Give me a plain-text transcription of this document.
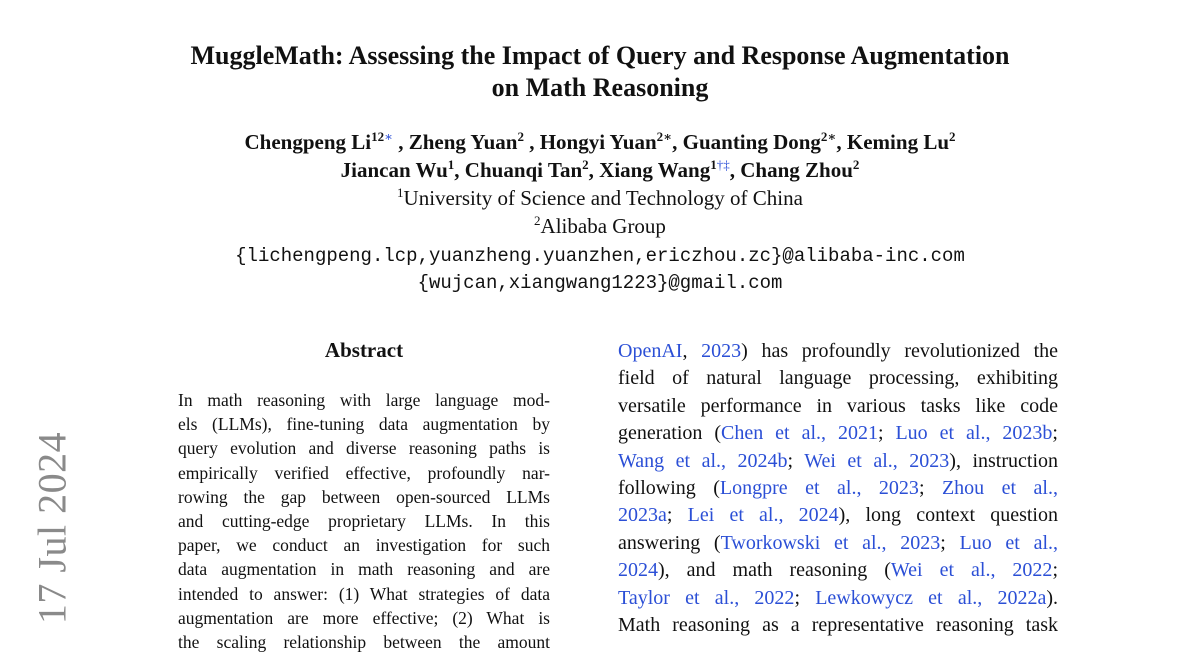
17 Jul 2024
MuggleMath: Assessing the Impact of Query and Response Augmentation
on Math Reasoning
Chengpeng $Li^{12∗}$ , Zheng Yuan$^2$ , Hongyi Yuan$^{2∗}$, Guanting Dong$^{2∗}$, Keming Lu$^2$
Jiancan Wu$^1$, Chuanqi Tan$^2$, Xiang Wang$^{1\dagger\ddagger}$, Chang Zhou$^2$
$^1$University of Science and Technology of China
$^2$Alibaba Group
{lichengpeng.lcp,yuanzheng.yuanzhen,ericzhou.zc}@alibaba-inc.com
{wujcan,xiangwang1223}@gmail.com
Abstract
In math reasoning with large language mod-
els (LLMs), fine-tuning data augmentation by
query evolution and diverse reasoning paths is
empirically verified effective, profoundly nar-
rowing the gap between open-sourced LLMs
and cutting-edge proprietary LLMs. In this
paper, we conduct an investigation for such
data augmentation in math reasoning and are
intended to answer: (1) What strategies of data
augmentation are more effective; (2) What is
the scaling relationship between the amount
OpenAI, 2023) has profoundly revolutionized the
field of natural language processing, exhibiting
versatile performance in various tasks like code
generation (Chen et al., 2021; Luo et al., 2023b;
Wang et al., 2024b; Wei et al., 2023), instruction
following (Longpre et al., 2023; Zhou et al.,
2023a; Lei et al., 2024), long context question
answering (Tworkowski et al., 2023; Luo et al.,
2024), and math reasoning (Wei et al., 2022;
Taylor et al., 2022; Lewkowycz et al., 2022a).
Math reasoning as a representative reasoning task
